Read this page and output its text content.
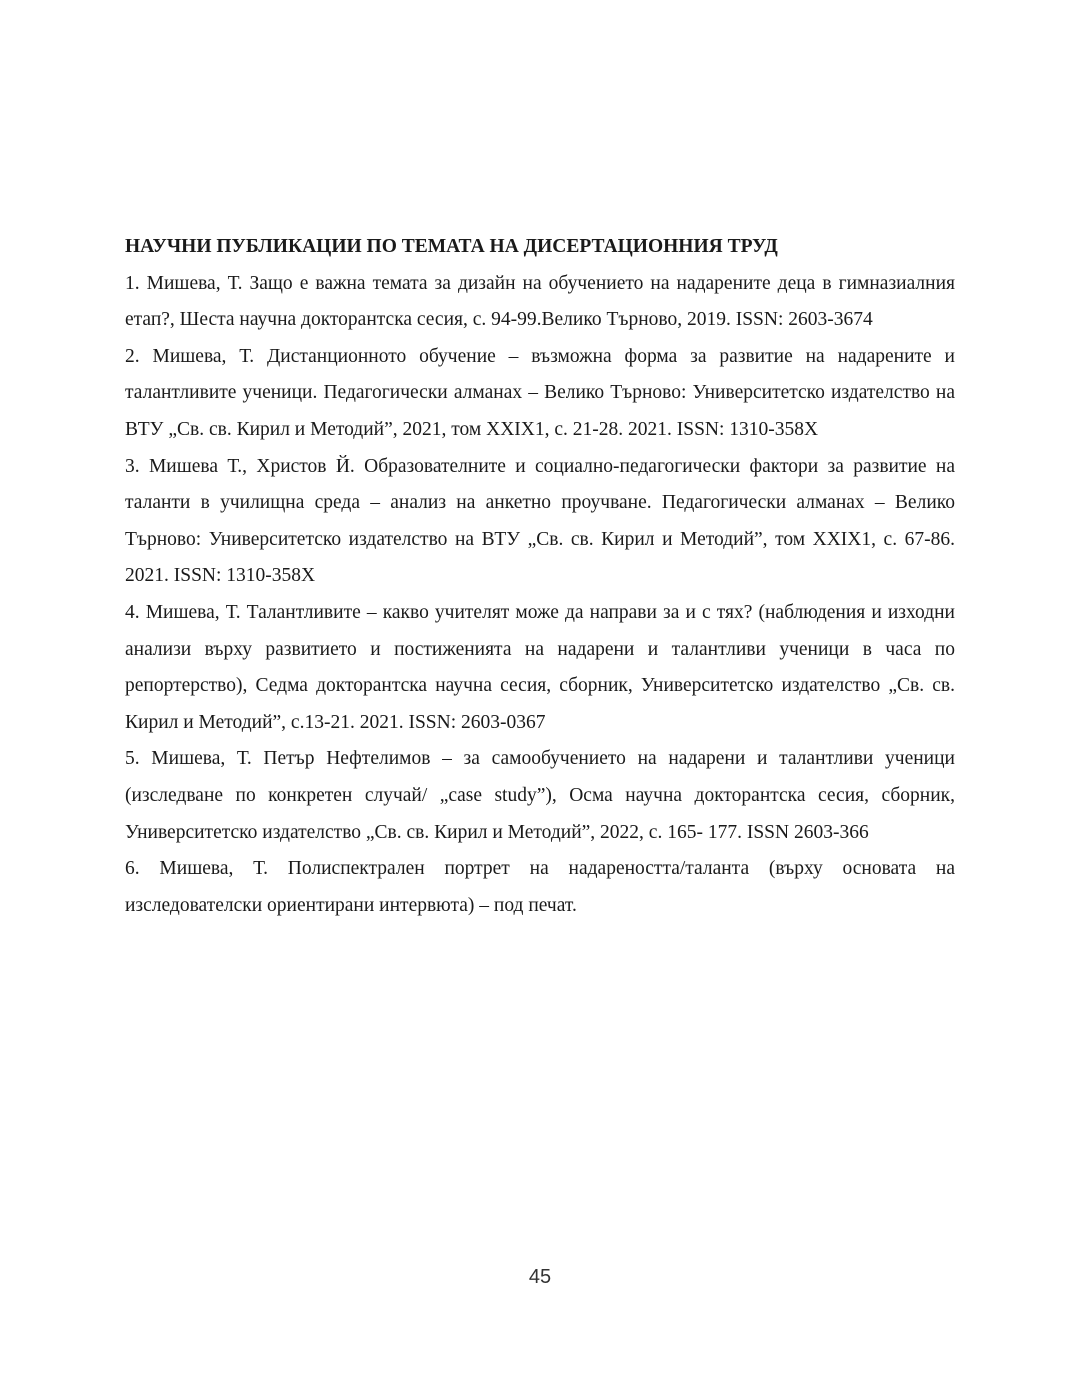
НАУЧНИ ПУБЛИКАЦИИ ПО ТЕМАТА НА ДИСЕРТАЦИОННИЯ ТРУД

1. Мишева, Т. Защо е важна темата за дизайн на обучението на надарените деца в гимназиалния етап?, Шеста научна докторантска сесия, с. 94-99.Велико Търново, 2019. ISSN: 2603-3674

2. Мишева, Т. Дистанционното обучение – възможна форма за развитие на надарените и талантливите ученици. Педагогически алманах – Велико Търново: Университетско издателство на ВТУ „Св. св. Кирил и Методий”, 2021, том XXIX1, с. 21-28. 2021. ISSN: 1310-358X

3. Мишева Т., Христов Й. Образователните и социално-педагогически фактори за развитие на таланти в училищна среда – анализ на анкетно проучване. Педагогически алманах – Велико Търново: Университетско издателство на ВТУ „Св. св. Кирил и Методий”, том XXIX1, с. 67-86. 2021. ISSN: 1310-358X

4. Мишева, Т. Талантливите – какво учителят може да направи за и с тях? (наблюдения и изходни анализи върху развитието и постиженията на надарени и талантливи ученици в часа по репортерство), Седма докторантска научна сесия, сборник, Университетско издателство „Св. св. Кирил и Методий”, с.13-21. 2021. ISSN: 2603-0367

5. Мишева, Т. Петър Нефтелимов – за самообучението на надарени и талантливи ученици (изследване по конкретен случай/ „case study”), Осма научна докторантска сесия, сборник, Университетско издателство „Св. св. Кирил и Методий”, 2022, с. 165- 177. ISSN 2603-366

6. Мишева, Т. Полиспектрален портрет на надареността/таланта (върху основата на изследователски ориентирани интервюта) – под печат.

45
